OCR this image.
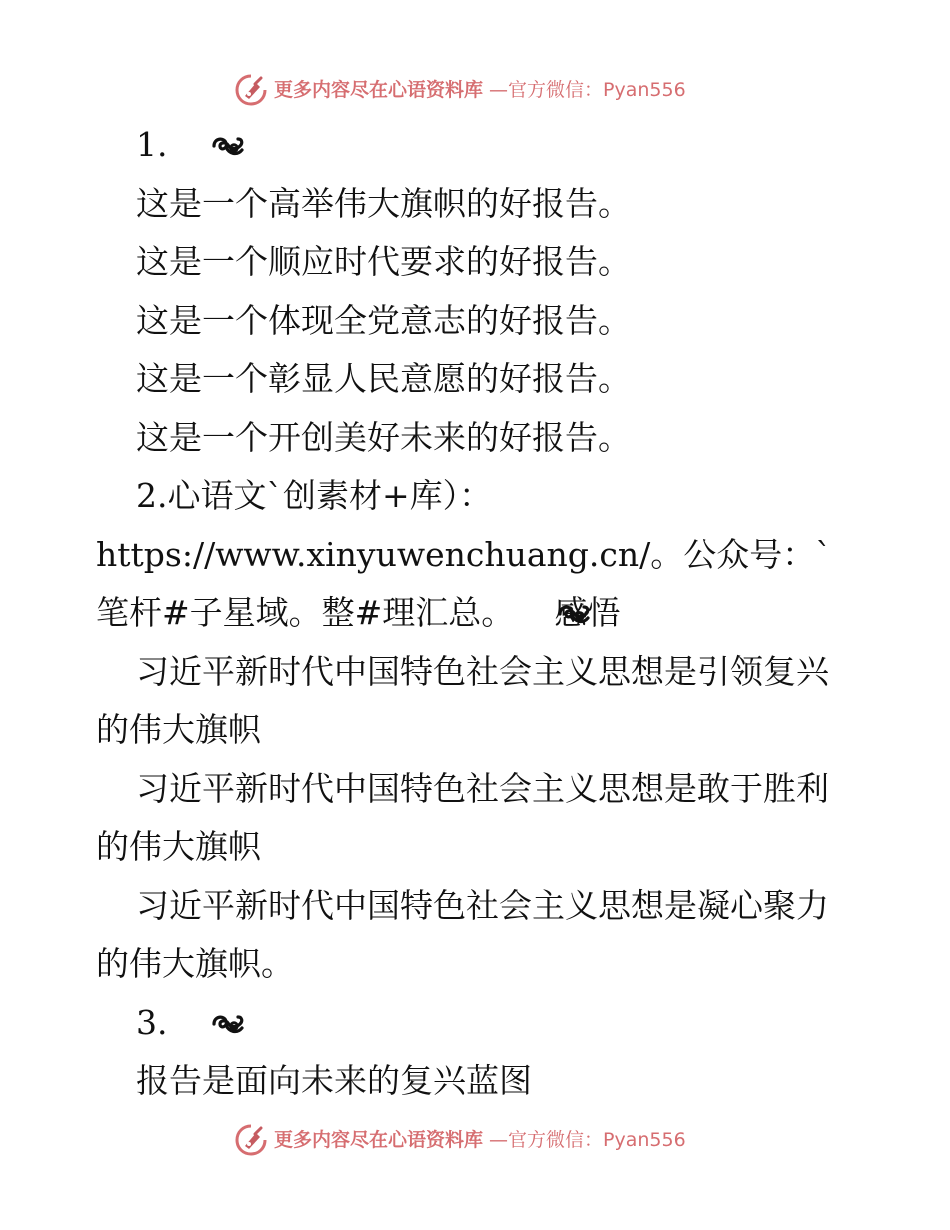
更多内容尽在心语资料库 —官方微信：Pyan556

1.

这是一个高举伟大旗帜的好报告。

这是一个顺应时代要求的好报告。

这是一个体现全党意志的好报告。

这是一个彰显人民意愿的好报告。

这是一个开创美好未来的好报告。

2.心语文`创素材+库）：https://www.xinyuwenchuang.cn/。公众号：`笔杆#子星域。整#理汇总。 感悟

习近平新时代中国特色社会主义思想是引领复兴的伟大旗帜

习近平新时代中国特色社会主义思想是敢于胜利的伟大旗帜

习近平新时代中国特色社会主义思想是凝心聚力的伟大旗帜。

3.

报告是面向未来的复兴蓝图

更多内容尽在心语资料库 —官方微信：Pyan556
